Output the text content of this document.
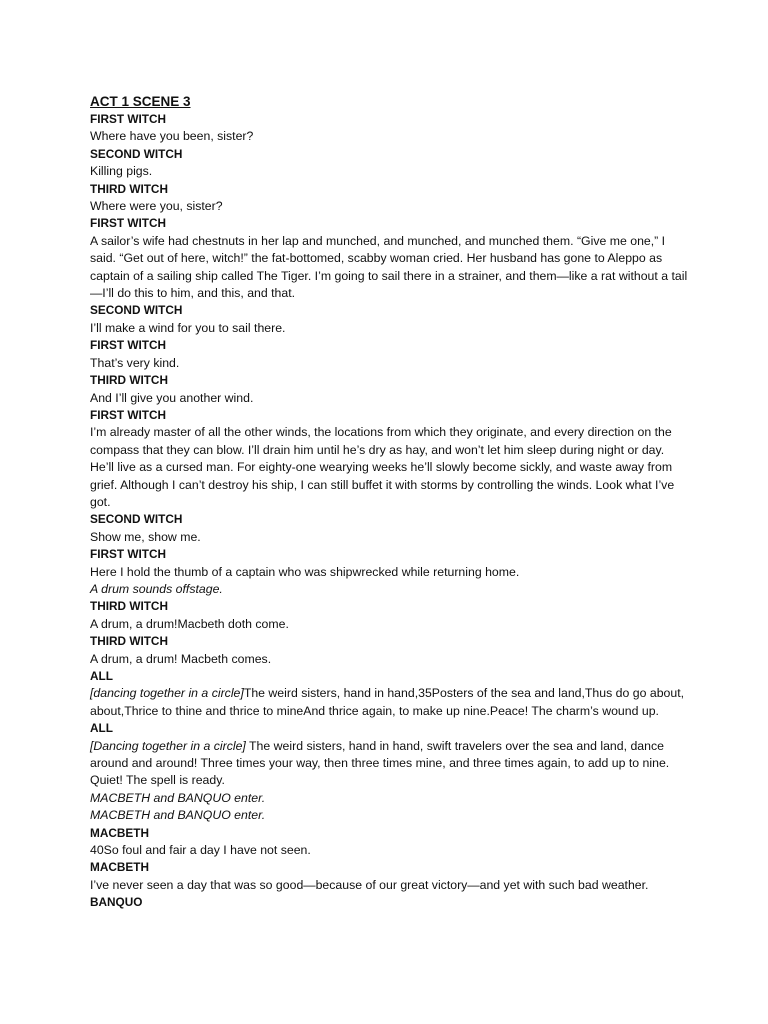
ACT 1 SCENE 3
FIRST WITCH
Where have you been, sister?
SECOND WITCH
Killing pigs.
THIRD WITCH
Where were you, sister?
FIRST WITCH
A sailor’s wife had chestnuts in her lap and munched, and munched, and munched them. “Give me one,” I said. “Get out of here, witch!” the fat-bottomed, scabby woman cried. Her husband has gone to Aleppo as captain of a sailing ship called The Tiger. I’m going to sail there in a strainer, and them—like a rat without a tail—I’ll do this to him, and this, and that.
SECOND WITCH
I’ll make a wind for you to sail there.
FIRST WITCH
That’s very kind.
THIRD WITCH
And I’ll give you another wind.
FIRST WITCH
I’m already master of all the other winds, the locations from which they originate, and every direction on the compass that they can blow. I’ll drain him until he’s dry as hay, and won’t let him sleep during night or day. He’ll live as a cursed man. For eighty-one wearying weeks he’ll slowly become sickly, and waste away from grief. Although I can’t destroy his ship, I can still buffet it with storms by controlling the winds. Look what I’ve got.
SECOND WITCH
Show me, show me.
FIRST WITCH
Here I hold the thumb of a captain who was shipwrecked while returning home.
A drum sounds offstage.
THIRD WITCH
A drum, a drum!Macbeth doth come.
THIRD WITCH
A drum, a drum! Macbeth comes.
ALL
[dancing together in a circle]The weird sisters, hand in hand,35Posters of the sea and land,Thus do go about, about,Thrice to thine and thrice to mineAnd thrice again, to make up nine.Peace! The charm’s wound up.
ALL
[Dancing together in a circle] The weird sisters, hand in hand, swift travelers over the sea and land, dance around and around! Three times your way, then three times mine, and three times again, to add up to nine. Quiet! The spell is ready.
MACBETH and BANQUO enter.
MACBETH and BANQUO enter.
MACBETH
40So foul and fair a day I have not seen.
MACBETH
I’ve never seen a day that was so good—because of our great victory—and yet with such bad weather.
BANQUO
